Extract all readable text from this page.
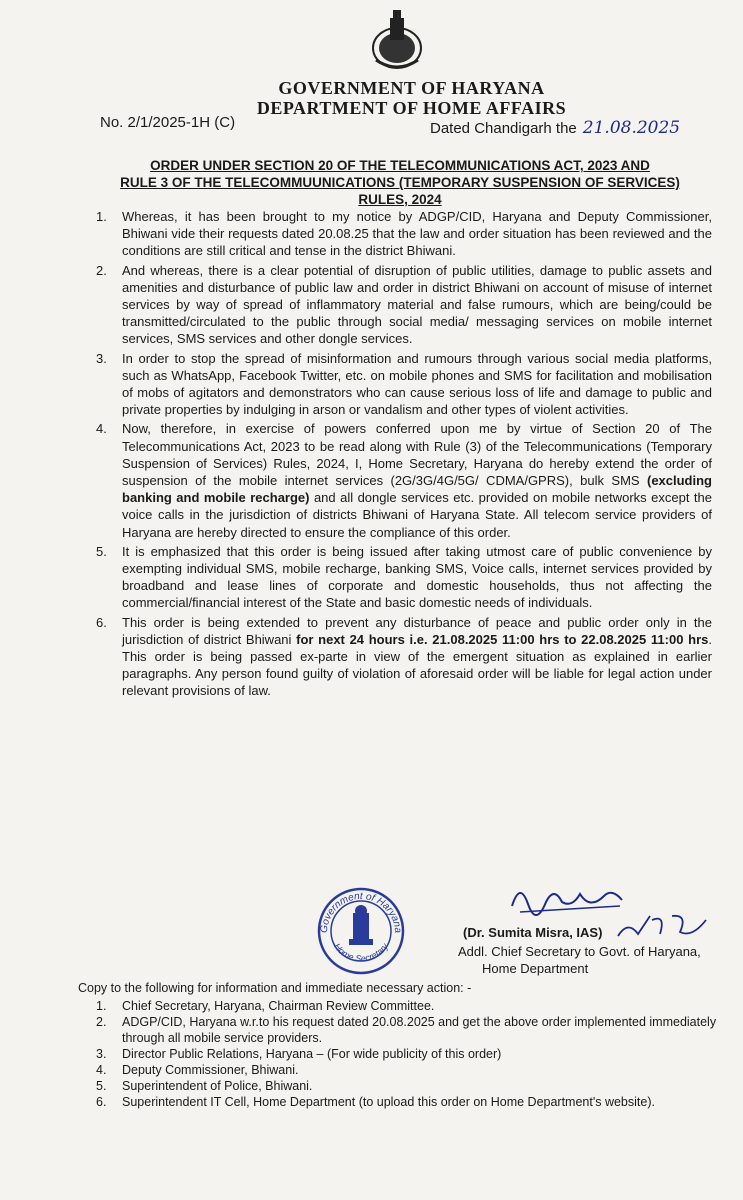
GOVERNMENT OF HARYANA
DEPARTMENT OF HOME AFFAIRS
No. 2/1/2025-1H (C)	Dated Chandigarh the 21.08.2025
ORDER UNDER SECTION 20 OF THE TELECOMMUNICATIONS ACT, 2023 AND
RULE 3 OF THE TELECOMMUUNICATIONS (TEMPORARY SUSPENSION OF SERVICES)
RULES, 2024
1.	Whereas, it has been brought to my notice by ADGP/CID, Haryana and Deputy Commissioner, Bhiwani vide their requests dated 20.08.25 that the law and order situation has been reviewed and the conditions are still critical and tense in the district Bhiwani.
2.	And whereas, there is a clear potential of disruption of public utilities, damage to public assets and amenities and disturbance of public law and order in district Bhiwani on account of misuse of internet services by way of spread of inflammatory material and false rumours, which are being/could be transmitted/circulated to the public through social media/ messaging services on mobile internet services, SMS services and other dongle services.
3.	In order to stop the spread of misinformation and rumours through various social media platforms, such as WhatsApp, Facebook Twitter, etc. on mobile phones and SMS for facilitation and mobilisation of mobs of agitators and demonstrators who can cause serious loss of life and damage to public and private properties by indulging in arson or vandalism and other types of violent activities.
4.	Now, therefore, in exercise of powers conferred upon me by virtue of Section 20 of The Telecommunications Act, 2023 to be read along with Rule (3) of the Telecommunications (Temporary Suspension of Services) Rules, 2024, I, Home Secretary, Haryana do hereby extend the order of suspension of the mobile internet services (2G/3G/4G/5G/ CDMA/GPRS), bulk SMS (excluding banking and mobile recharge) and all dongle services etc. provided on mobile networks except the voice calls in the jurisdiction of districts Bhiwani of Haryana State. All telecom service providers of Haryana are hereby directed to ensure the compliance of this order.
5.	It is emphasized that this order is being issued after taking utmost care of public convenience by exempting individual SMS, mobile recharge, banking SMS, Voice calls, internet services provided by broadband and lease lines of corporate and domestic households, thus not affecting the commercial/financial interest of the State and basic domestic needs of individuals.
6.	This order is being extended to prevent any disturbance of peace and public order only in the jurisdiction of district Bhiwani for next 24 hours i.e. 21.08.2025 11:00 hrs to 22.08.2025 11:00 hrs. This order is being passed ex-parte in view of the emergent situation as explained in earlier paragraphs. Any person found guilty of violation of aforesaid order will be liable for legal action under relevant provisions of law.
Government of Haryana
Home Secretary
(Dr. Sumita Misra, IAS)
Addl. Chief Secretary to Govt. of Haryana,
Home Department
Copy to the following for information and immediate necessary action: -
1.	Chief Secretary, Haryana, Chairman Review Committee.
2.	ADGP/CID, Haryana w.r.to his request dated 20.08.2025 and get the above order implemented immediately through all mobile service providers.
3.	Director Public Relations, Haryana – (For wide publicity of this order)
4.	Deputy Commissioner, Bhiwani.
5.	Superintendent of Police, Bhiwani.
6.	Superintendent IT Cell, Home Department (to upload this order on Home Department's website).
